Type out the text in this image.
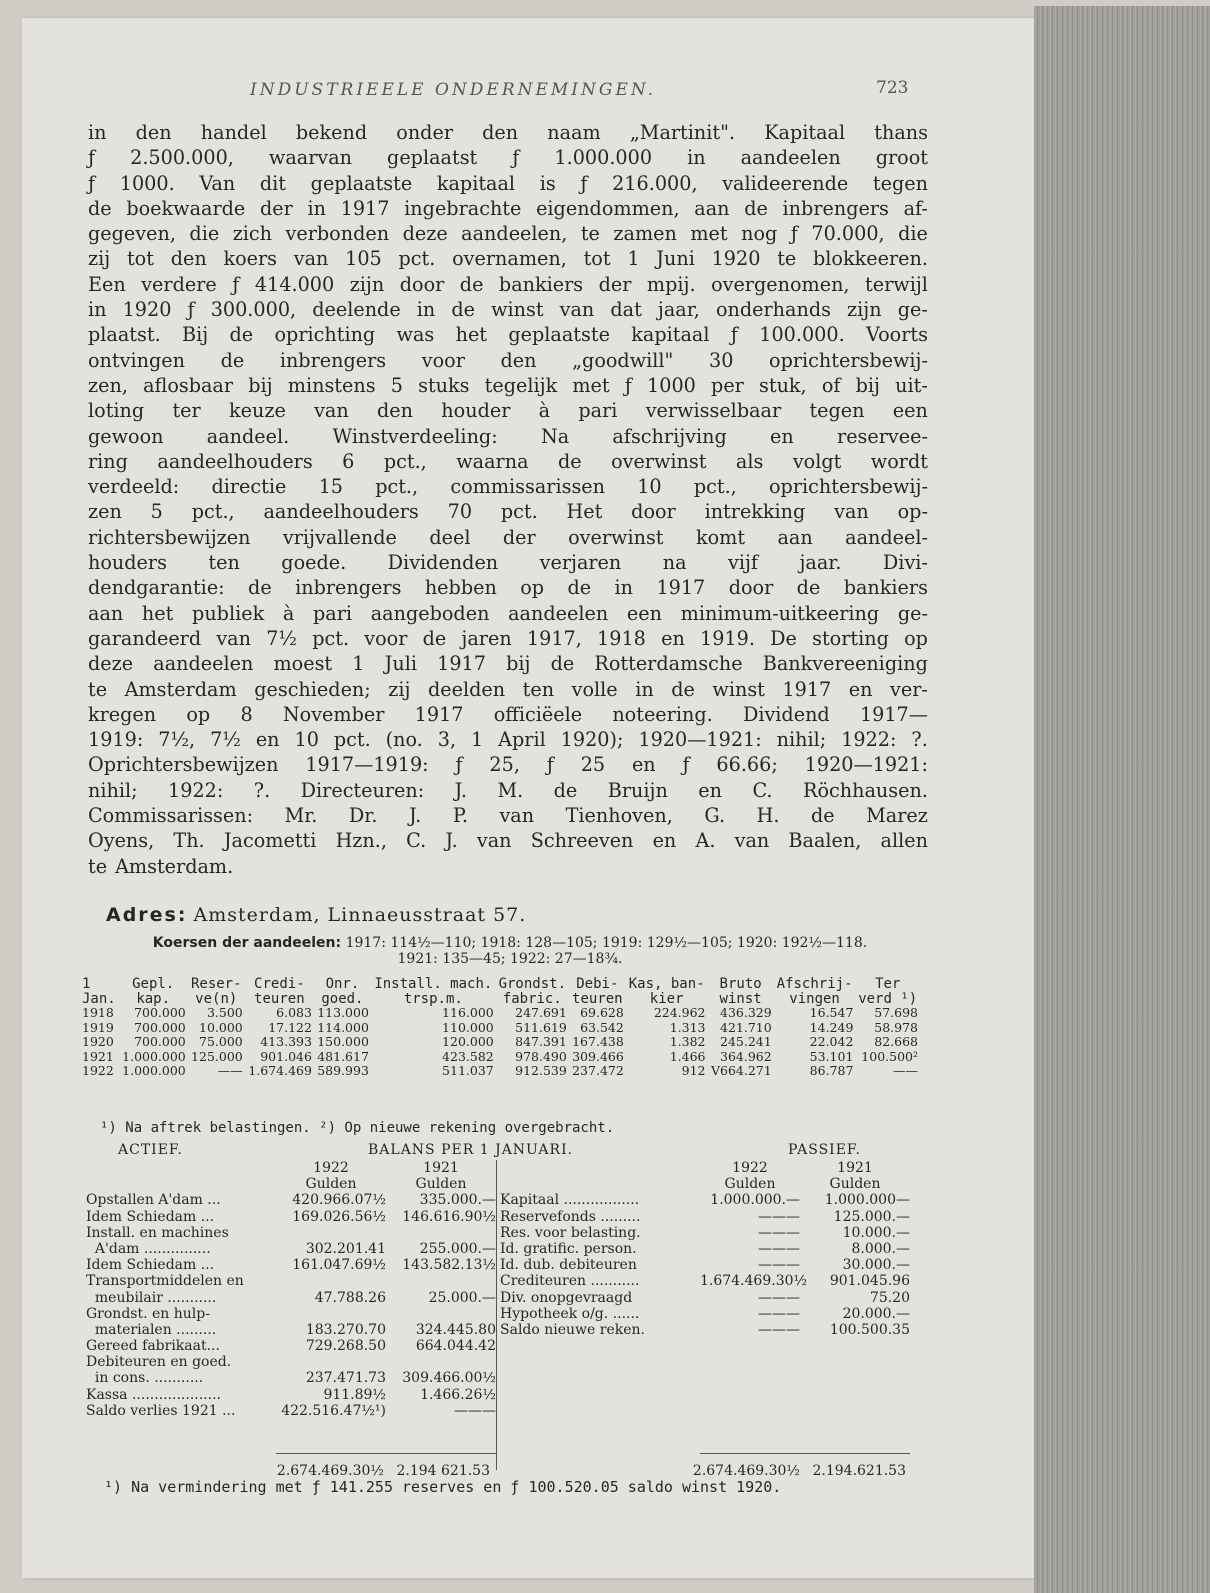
INDUSTRIEELE ONDERNEMINGEN.	723
in den handel bekend onder den naam „Martinit". Kapitaal thans
ƒ 2.500.000, waarvan geplaatst ƒ 1.000.000 in aandeelen groot
ƒ 1000. Van dit geplaatste kapitaal is ƒ 216.000, valideerende tegen
de boekwaarde der in 1917 ingebrachte eigendommen, aan de inbrengers af-
gegeven, die zich verbonden deze aandeelen, te zamen met nog ƒ 70.000, die
zij tot den koers van 105 pct. overnamen, tot 1 Juni 1920 te blokkeeren.
Een verdere ƒ 414.000 zijn door de bankiers der mpij. overgenomen, terwijl
in 1920 ƒ 300.000, deelende in de winst van dat jaar, onderhands zijn ge-
plaatst. Bij de oprichting was het geplaatste kapitaal ƒ 100.000. Voorts
ontvingen de inbrengers voor den „goodwill" 30 oprichtersbewij-
zen, aflosbaar bij minstens 5 stuks tegelijk met ƒ 1000 per stuk, of bij uit-
loting ter keuze van den houder à pari verwisselbaar tegen een
gewoon aandeel. Winstverdeeling: Na afschrijving en reservee-
ring aandeelhouders 6 pct., waarna de overwinst als volgt wordt
verdeeld: directie 15 pct., commissarissen 10 pct., oprichtersbewij-
zen 5 pct., aandeelhouders 70 pct. Het door intrekking van op-
richtersbewijzen vrijvallende deel der overwinst komt aan aandeel-
houders ten goede. Dividenden verjaren na vijf jaar. Divi-
dendgarantie: de inbrengers hebben op de in 1917 door de bankiers
aan het publiek à pari aangeboden aandeelen een minimum-uitkeering ge-
garandeerd van 7½ pct. voor de jaren 1917, 1918 en 1919. De storting op
deze aandeelen moest 1 Juli 1917 bij de Rotterdamsche Bankvereeniging
te Amsterdam geschieden; zij deelden ten volle in de winst 1917 en ver-
kregen op 8 November 1917 officiëele noteering. Dividend 1917—
1919: 7½, 7½ en 10 pct. (no. 3, 1 April 1920); 1920—1921: nihil; 1922: ?.
Oprichtersbewijzen 1917—1919: ƒ 25, ƒ 25 en ƒ 66.66; 1920—1921:
nihil; 1922: ?. Directeuren: J. M. de Bruijn en C. Röchhausen.
Commissarissen: Mr. Dr. J. P. van Tienhoven, G. H. de Marez
Oyens, Th. Jacometti Hzn., C. J. van Schreeven en A. van Baalen, allen
te Amsterdam.
Adres: Amsterdam, Linnaeusstraat 57.
Koersen der aandeelen: 1917: 114½—110; 1918: 128—105; 1919: 129½—105; 1920: 192½—118.
1921: 135—45; 1922: 27—18¾.
1	Gepl.	Reser-	Credi-	Onr.	Install. mach.	Grondst.	Debi-	Kas, ban-	Bruto	Afschrij-	Ter
Jan.	kap.	ve(n)	teuren	goed.	trsp.m.	fabric.	teuren	kier	winst	vingen	verd ¹)
1918	700.000	3.500	6.083	113.000	116.000	247.691	69.628	224.962	436.329	16.547	57.698
1919	700.000	10.000	17.122	114.000	110.000	511.619	63.542	1.313	421.710	14.249	58.978
1920	700.000	75.000	413.393	150.000	120.000	847.391	167.438	1.382	245.241	22.042	82.668
1921	1.000.000	125.000	901.046	481.617	423.582	978.490	309.466	1.466	364.962	53.101	100.500²
1922	1.000.000	——	1.674.469	589.993	511.037	912.539	237.472	912	V664.271	86.787	——
¹) Na aftrek belastingen. ²) Op nieuwe rekening overgebracht.
ACTIEF.	BALANS PER 1 JANUARI.	PASSIEF.
1922	1921
Gulden	Gulden
Opstallen A'dam ...	420.966.07½	335.000.—
Idem Schiedam ...	169.026.56½	146.616.90½
Install. en machines
A'dam ...............	302.201.41	255.000.—
Idem Schiedam ...	161.047.69½	143.582.13½
Transportmiddelen en
meubilair ...........	47.788.26	25.000.—
Grondst. en hulp-
materialen .........	183.270.70	324.445.80
Gereed fabrikaat...	729.268.50	664.044.42
Debiteuren en goed.
in cons. ...........	237.471.73	309.466.00½
Kassa ....................	911.89½	1.466.26½
Saldo verlies 1921 ...	422.516.47½¹)	———
1922	1921
Gulden	Gulden
Kapitaal .................	1.000.000.—	1.000.000—
Reservefonds .........	———	125.000.—
Res. voor belasting.	———	10.000.—
Id. gratific. person.	———	8.000.—
Id. dub. debiteuren	———	30.000.—
Crediteuren ...........	1.674.469.30½	901.045.96
Div. onopgevraagd	———	75.20
Hypotheek o/g. ......	———	20.000.—
Saldo nieuwe reken.	———	100.500.35
2.674.469.30½ 2.194 621.53	2.674.469.30½ 2.194.621.53
¹) Na vermindering met ƒ 141.255 reserves en ƒ 100.520.05 saldo winst 1920.
